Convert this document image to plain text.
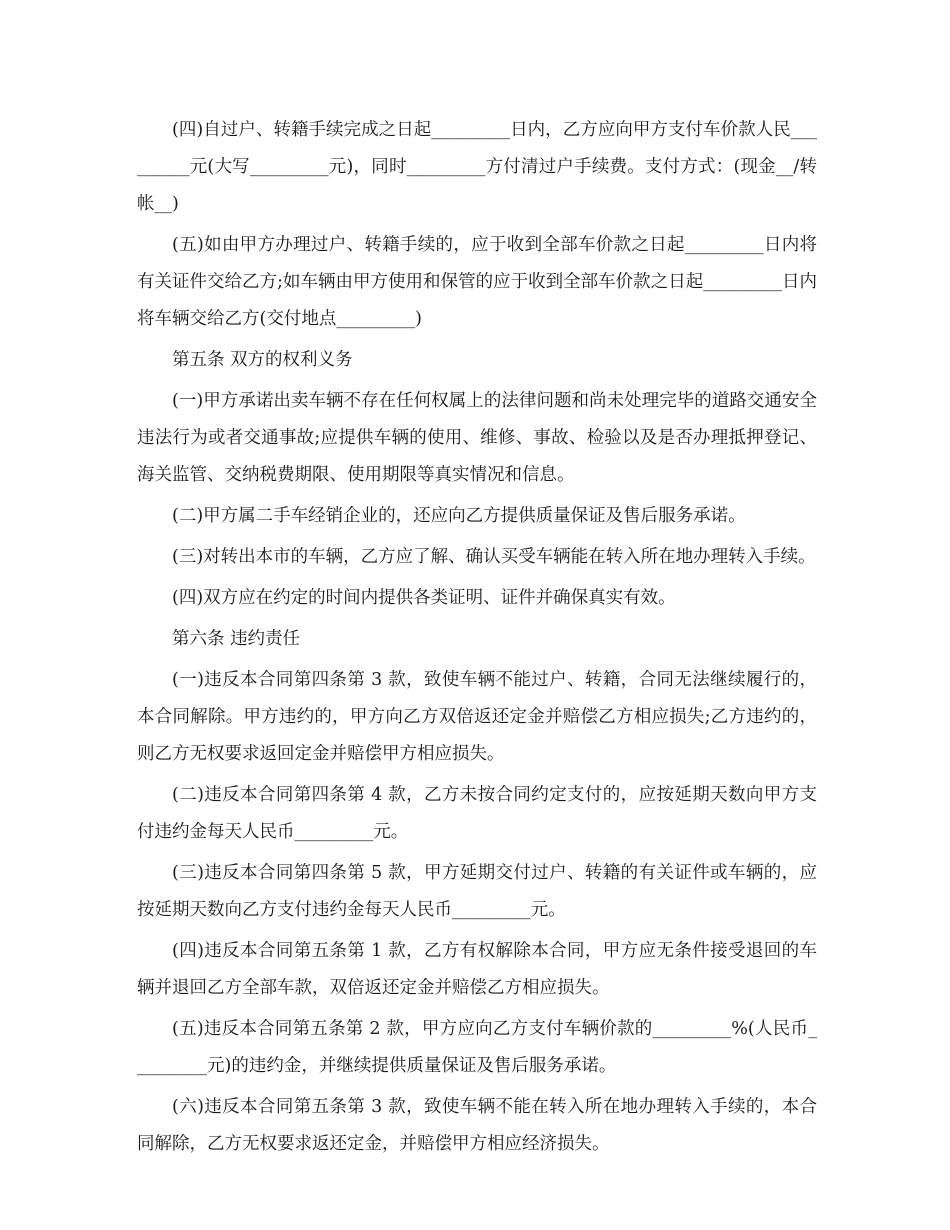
(四)自过户、转籍手续完成之日起_________日内，乙方应向甲方支付车价款人民_________元(大写_________元)，同时_________方付清过户手续费。支付方式：(现金__/转帐__)

(五)如由甲方办理过户、转籍手续的，应于收到全部车价款之日起_________日内将有关证件交给乙方;如车辆由甲方使用和保管的应于收到全部车价款之日起_________日内将车辆交给乙方(交付地点_________)

第五条 双方的权利义务

(一)甲方承诺出卖车辆不存在任何权属上的法律问题和尚未处理完毕的道路交通安全违法行为或者交通事故;应提供车辆的使用、维修、事故、检验以及是否办理抵押登记、海关监管、交纳税费期限、使用期限等真实情况和信息。

(二)甲方属二手车经销企业的，还应向乙方提供质量保证及售后服务承诺。

(三)对转出本市的车辆，乙方应了解、确认买受车辆能在转入所在地办理转入手续。

(四)双方应在约定的时间内提供各类证明、证件并确保真实有效。

第六条 违约责任

(一)违反本合同第四条第 3 款，致使车辆不能过户、转籍，合同无法继续履行的，本合同解除。甲方违约的，甲方向乙方双倍返还定金并赔偿乙方相应损失;乙方违约的，则乙方无权要求返回定金并赔偿甲方相应损失。

(二)违反本合同第四条第 4 款，乙方未按合同约定支付的，应按延期天数向甲方支付违约金每天人民币_________元。

(三)违反本合同第四条第 5 款，甲方延期交付过户、转籍的有关证件或车辆的，应按延期天数向乙方支付违约金每天人民币_________元。

(四)违反本合同第五条第 1 款，乙方有权解除本合同，甲方应无条件接受退回的车辆并退回乙方全部车款，双倍返还定金并赔偿乙方相应损失。

(五)违反本合同第五条第 2 款，甲方应向乙方支付车辆价款的_________%(人民币_________元)的违约金，并继续提供质量保证及售后服务承诺。

(六)违反本合同第五条第 3 款，致使车辆不能在转入所在地办理转入手续的，本合同解除，乙方无权要求返还定金，并赔偿甲方相应经济损失。
